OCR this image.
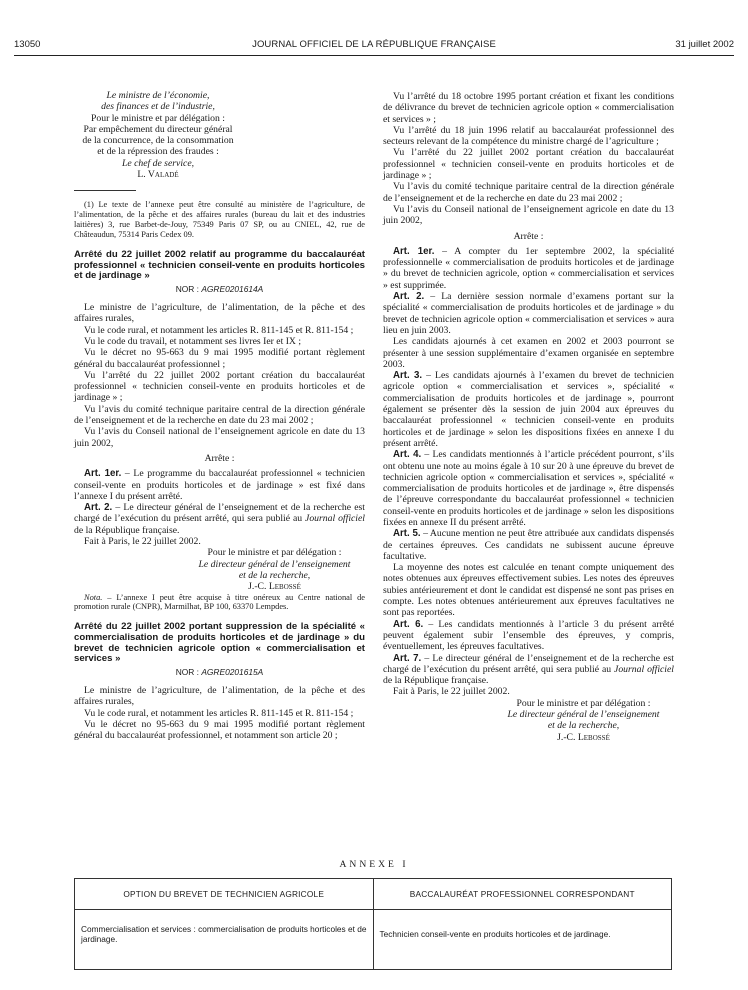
13050	JOURNAL OFFICIEL DE LA RÉPUBLIQUE FRANÇAISE	31 juillet 2002
Le ministre de l’économie,
des finances et de l’industrie,
Pour le ministre et par délégation :
Par empêchement du directeur général
de la concurrence, de la consommation
et de la répression des fraudes :
Le chef de service,
L. Valadé

(1) Le texte de l’annexe peut être consulté au ministère de l’agriculture, de l’alimentation, de la pêche et des affaires rurales (bureau du lait et des industries laitières) 3, rue Barbet-de-Jouy, 75349 Paris 07 SP, ou au CNIEL, 42, rue de Châteaudun, 75314 Paris Cedex 09.

Arrêté du 22 juillet 2002 relatif au programme du baccalauréat professionnel « technicien conseil-vente en produits horticoles et de jardinage »
NOR : AGRE0201614A

Le ministre de l’agriculture, de l’alimentation, de la pêche et des affaires rurales,

Vu le code rural, et notamment les articles R. 811-145 et R. 811-154 ;

Vu le code du travail, et notamment ses livres Ier et IX ;

Vu le décret no 95-663 du 9 mai 1995 modifié portant règlement général du baccalauréat professionnel ;

Vu l’arrêté du 22 juillet 2002 portant création du baccalauréat professionnel « technicien conseil-vente en produits horticoles et de jardinage » ;

Vu l’avis du comité technique paritaire central de la direction générale de l’enseignement et de la recherche en date du 23 mai 2002 ;

Vu l’avis du Conseil national de l’enseignement agricole en date du 13 juin 2002,

Arrête :

Art. 1er. – Le programme du baccalauréat professionnel « technicien conseil-vente en produits horticoles et de jardinage » est fixé dans l’annexe I du présent arrêté.

Art. 2. – Le directeur général de l’enseignement et de la recherche est chargé de l’exécution du présent arrêté, qui sera publié au Journal officiel de la République française.

Fait à Paris, le 22 juillet 2002.

Pour le ministre et par délégation :
Le directeur général de l’enseignement
et de la recherche,
J.-C. Lebossé

Nota. – L’annexe I peut être acquise à titre onéreux au Centre national de promotion rurale (CNPR), Marmilhat, BP 100, 63370 Lempdes.

Arrêté du 22 juillet 2002 portant suppression de la spécialité « commercialisation de produits horticoles et de jardinage » du brevet de technicien agricole option « commercialisation et services »
NOR : AGRE0201615A

Le ministre de l’agriculture, de l’alimentation, de la pêche et des affaires rurales,

Vu le code rural, et notamment les articles R. 811-145 et R. 811-154 ;

Vu le décret no 95-663 du 9 mai 1995 modifié portant règlement général du baccalauréat professionnel, et notamment son article 20 ;

Vu l’arrêté du 18 octobre 1995 portant création et fixant les conditions de délivrance du brevet de technicien agricole option « commercialisation et services » ;

Vu l’arrêté du 18 juin 1996 relatif au baccalauréat professionnel des secteurs relevant de la compétence du ministre chargé de l’agriculture ;

Vu l’arrêté du 22 juillet 2002 portant création du baccalauréat professionnel « technicien conseil-vente en produits horticoles et de jardinage » ;

Vu l’avis du comité technique paritaire central de la direction générale de l’enseignement et de la recherche en date du 23 mai 2002 ;

Vu l’avis du Conseil national de l’enseignement agricole en date du 13 juin 2002,

Arrête :

Art. 1er. – A compter du 1er septembre 2002, la spécialité professionnelle « commercialisation de produits horticoles et de jardinage » du brevet de technicien agricole, option « commercialisation et services » est supprimée.

Art. 2. – La dernière session normale d’examens portant sur la spécialité « commercialisation de produits horticoles et de jardinage » du brevet de technicien agricole option « commercialisation et services » aura lieu en juin 2003.

Les candidats ajournés à cet examen en 2002 et 2003 pourront se présenter à une session supplémentaire d’examen organisée en septembre 2003.

Art. 3. – Les candidats ajournés à l’examen du brevet de technicien agricole option « commercialisation et services », spécialité « commercialisation de produits horticoles et de jardinage », pourront également se présenter dès la session de juin 2004 aux épreuves du baccalauréat professionnel « technicien conseil-vente en produits horticoles et de jardinage » selon les dispositions fixées en annexe I du présent arrêté.

Art. 4. – Les candidats mentionnés à l’article précédent pourront, s’ils ont obtenu une note au moins égale à 10 sur 20 à une épreuve du brevet de technicien agricole option « commercialisation et services », spécialité « commercialisation de produits horticoles et de jardinage », être dispensés de l’épreuve correspondante du baccalauréat professionnel « technicien conseil-vente en produits horticoles et de jardinage » selon les dispositions fixées en annexe II du présent arrêté.

Art. 5. – Aucune mention ne peut être attribuée aux candidats dispensés de certaines épreuves. Ces candidats ne subissent aucune épreuve facultative.

La moyenne des notes est calculée en tenant compte uniquement des notes obtenues aux épreuves effectivement subies. Les notes des épreuves subies antérieurement et dont le candidat est dispensé ne sont pas prises en compte. Les notes obtenues antérieurement aux épreuves facultatives ne sont pas reportées.

Art. 6. – Les candidats mentionnés à l’article 3 du présent arrêté peuvent également subir l’ensemble des épreuves, y compris, éventuellement, les épreuves facultatives.

Art. 7. – Le directeur général de l’enseignement et de la recherche est chargé de l’exécution du présent arrêté, qui sera publié au Journal officiel de la République française.

Fait à Paris, le 22 juillet 2002.

Pour le ministre et par délégation :
Le directeur général de l’enseignement
et de la recherche,
J.-C. Lebossé
ANNEXE I
OPTION DU BREVET DE TECHNICIEN AGRICOLE	BACCALAURÉAT PROFESSIONNEL CORRESPONDANT
Commercialisation et services : commercialisation de produits horticoles et de jardinage.	Technicien conseil-vente en produits horticoles et de jardinage.
